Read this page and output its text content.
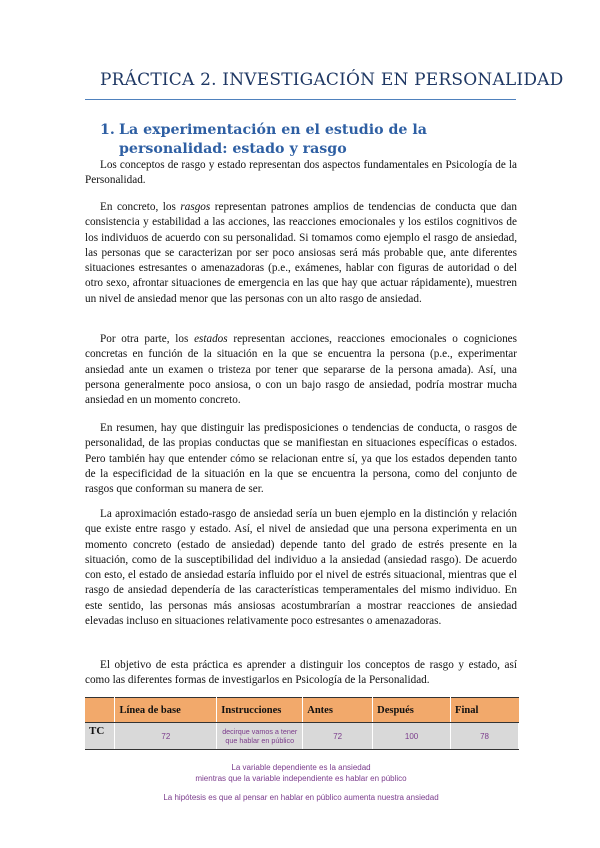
PRÁCTICA 2. INVESTIGACIÓN EN PERSONALIDAD
1. La experimentación en el estudio de la personalidad: estado y rasgo

Los conceptos de rasgo y estado representan dos aspectos fundamentales en Psicología de la Personalidad.

En concreto, los rasgos representan patrones amplios de tendencias de conducta que dan consistencia y estabilidad a las acciones, las reacciones emocionales y los estilos cognitivos de los individuos de acuerdo con su personalidad. Si tomamos como ejemplo el rasgo de ansiedad, las personas que se caracterizan por ser poco ansiosas será más probable que, ante diferentes situaciones estresantes o amenazadoras (p.e., exámenes, hablar con figuras de autoridad o del otro sexo, afrontar situaciones de emergencia en las que hay que actuar rápidamente), muestren un nivel de ansiedad menor que las personas con un alto rasgo de ansiedad.

Por otra parte, los estados representan acciones, reacciones emocionales o cogniciones concretas en función de la situación en la que se encuentra la persona (p.e., experimentar ansiedad ante un examen o tristeza por tener que separarse de la persona amada). Así, una persona generalmente poco ansiosa, o con un bajo rasgo de ansiedad, podría mostrar mucha ansiedad en un momento concreto.

En resumen, hay que distinguir las predisposiciones o tendencias de conducta, o rasgos de personalidad, de las propias conductas que se manifiestan en situaciones específicas o estados. Pero también hay que entender cómo se relacionan entre sí, ya que los estados dependen tanto de la especificidad de la situación en la que se encuentra la persona, como del conjunto de rasgos que conforman su manera de ser.

La aproximación estado-rasgo de ansiedad sería un buen ejemplo en la distinción y relación que existe entre rasgo y estado. Así, el nivel de ansiedad que una persona experimenta en un momento concreto (estado de ansiedad) depende tanto del grado de estrés presente en la situación, como de la susceptibilidad del individuo a la ansiedad (ansiedad rasgo). De acuerdo con esto, el estado de ansiedad estaría influido por el nivel de estrés situacional, mientras que el rasgo de ansiedad dependería de las características temperamentales del mismo individuo. En este sentido, las personas más ansiosas acostumbrarían a mostrar reacciones de ansiedad elevadas incluso en situaciones relativamente poco estresantes o amenazadoras.

El objetivo de esta práctica es aprender a distinguir los conceptos de rasgo y estado, así como las diferentes formas de investigarlos en Psicología de la Personalidad.

	Línea de base	Instrucciones	Antes	Después	Final
TC	72	decirque vamos a tener que hablar en público	72	100	78

La variable dependiente es la ansiedad

mientras que la variable independiente es hablar en público

La hipótesis es que al pensar en hablar en público aumenta nuestra ansiedad
